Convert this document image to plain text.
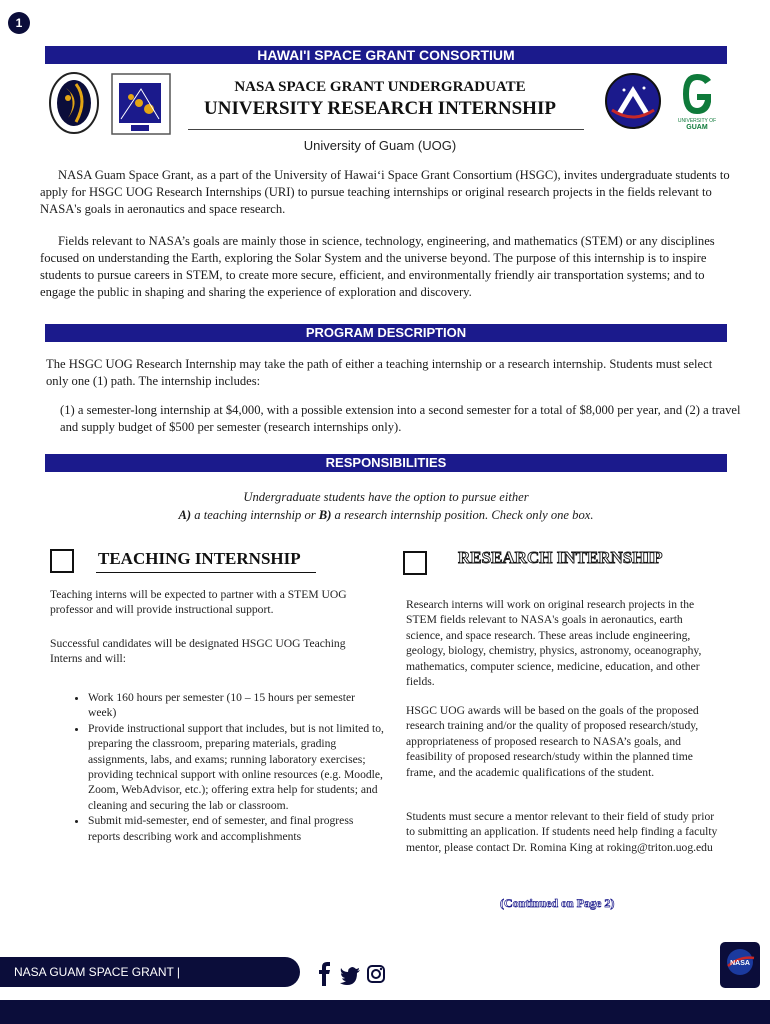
1
HAWAI'I SPACE GRANT CONSORTIUM
NASA SPACE GRANT UNDERGRADUATE
UNIVERSITY RESEARCH INTERNSHIP
University of Guam (UOG)
UNIVERSITY OF
GUAM
NASA Guam Space Grant, as a part of the University of Hawai‘i Space Grant Consortium (HSGC), invites undergraduate students to apply for HSGC UOG Research Internships (URI) to pursue teaching internships or original research projects in the fields relevant to NASA's goals in aeronautics and space research.
Fields relevant to NASA’s goals are mainly those in science, technology, engineering, and mathematics (STEM) or any disciplines focused on understanding the Earth, exploring the Solar System and the universe beyond. The purpose of this internship is to inspire students to pursue careers in STEM, to create more secure, efficient, and environmentally friendly air transportation systems; and to engage the public in shaping and sharing the experience of exploration and discovery.
PROGRAM DESCRIPTION
The HSGC UOG Research Internship may take the path of either a teaching internship or a research internship. Students must select only one (1) path. The internship includes:
(1) a semester-long internship at $4,000, with a possible extension into a second semester for a total of $8,000 per year, and (2) a travel and supply budget of $500 per semester (research internships only).
RESPONSIBILITIES
Undergraduate students have the option to pursue either
A) a teaching internship or B) a research internship position. Check only one box.
TEACHING INTERNSHIP
Teaching interns will be expected to partner with a STEM UOG professor and will provide instructional support.
Successful candidates will be designated HSGC UOG Teaching Interns and will:
• Work 160 hours per semester (10 – 15 hours per semester week)
• Provide instructional support that includes, but is not limited to, preparing the classroom, preparing materials, grading assignments, labs, and exams; running laboratory exercises; providing technical support with online resources (e.g. Moodle, Zoom, WebAdvisor, etc.); offering extra help for students; and cleaning and securing the lab or classroom.
• Submit mid-semester, end of semester, and final progress reports describing work and accomplishments
RESEARCH INTERNSHIP
Research interns will work on original research projects in the STEM fields relevant to NASA's goals in aeronautics, earth science, and space research. These areas include engineering, geology, biology, chemistry, physics, astronomy, oceanography, mathematics, computer science, medicine, education, and other fields.
HSGC UOG awards will be based on the goals of the proposed research training and/or the quality of proposed research/study, appropriateness of proposed research to NASA’s goals, and feasibility of proposed research/study within the planned time frame, and the academic qualifications of the student.
Students must secure a mentor relevant to their field of study prior to submitting an application. If students need help finding a faculty mentor, please contact Dr. Romina King at roking@triton.uog.edu
(Continued on Page 2)
NASA GUAM SPACE GRANT |
NASA
